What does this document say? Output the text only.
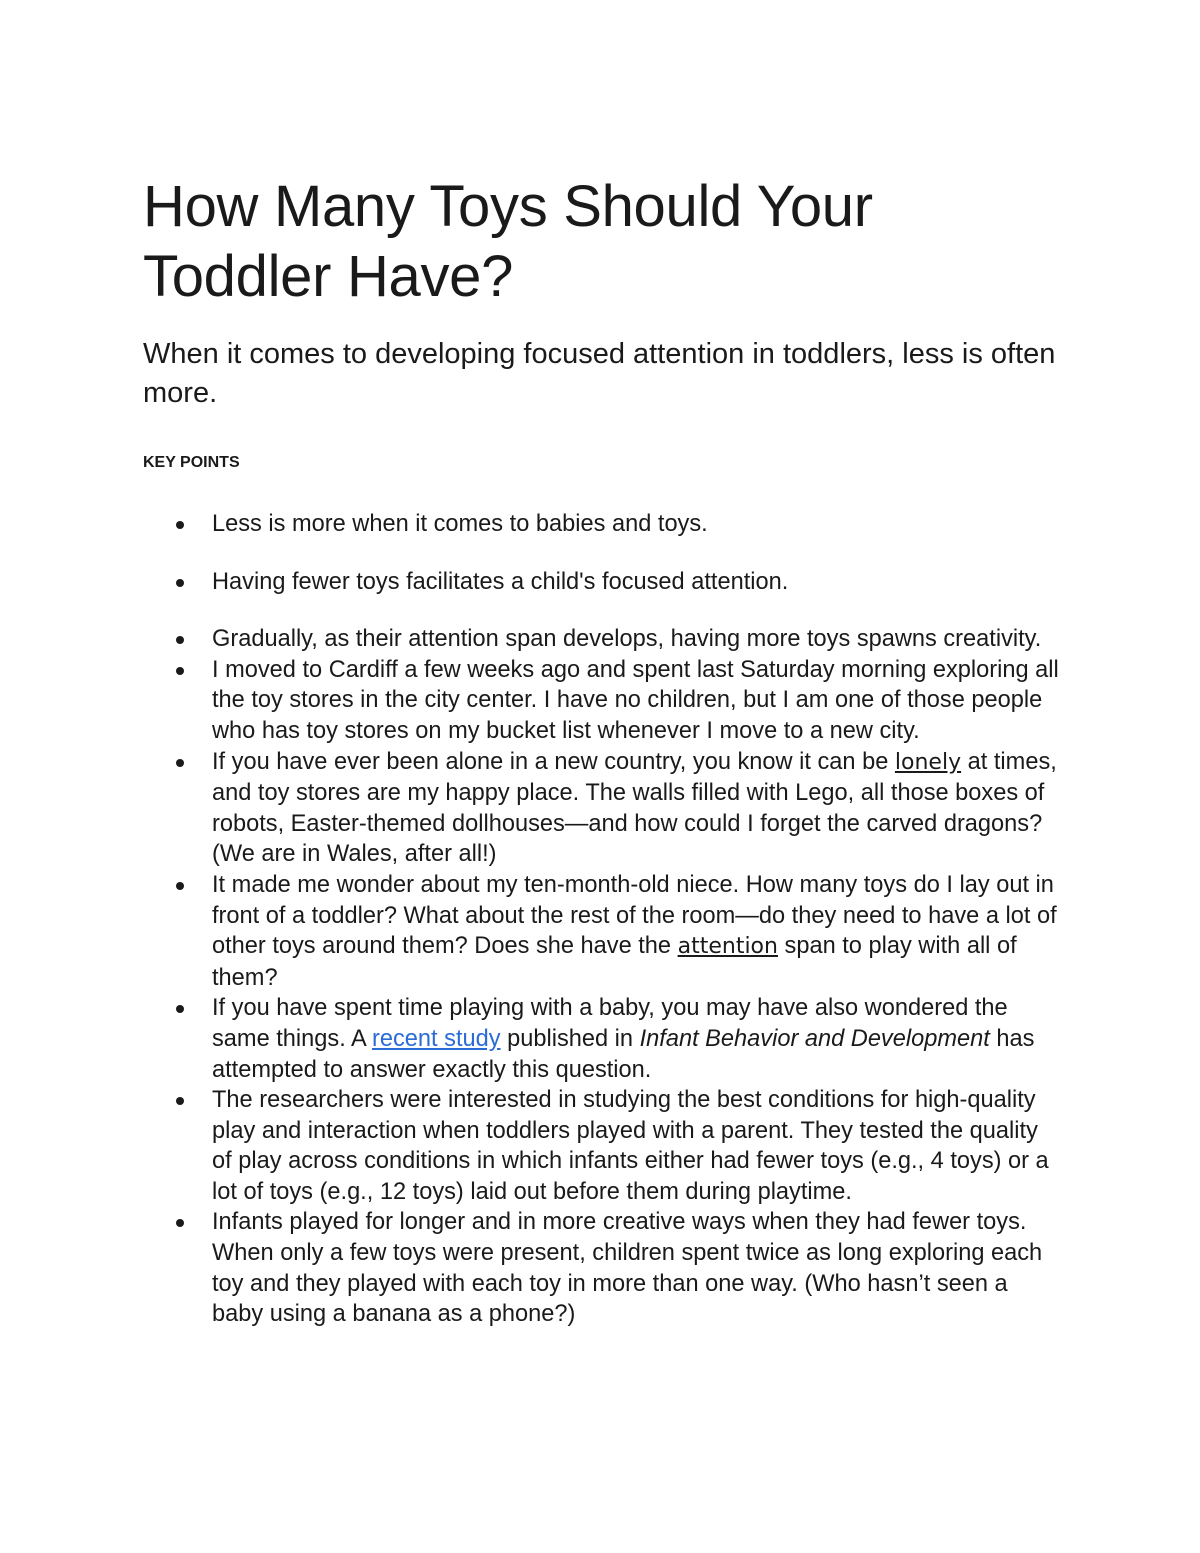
How Many Toys Should Your
Toddler Have?

When it comes to developing focused attention in toddlers, less is often more.

KEY POINTS
Less is more when it comes to babies and toys.
Having fewer toys facilitates a child's focused attention.
Gradually, as their attention span develops, having more toys spawns creativity.
I moved to Cardiff a few weeks ago and spent last Saturday morning exploring all the toy stores in the city center. I have no children, but I am one of those people who has toy stores on my bucket list whenever I move to a new city.
If you have ever been alone in a new country, you know it can be lonely at times, and toy stores are my happy place. The walls filled with Lego, all those boxes of robots, Easter-themed dollhouses—and how could I forget the carved dragons? (We are in Wales, after all!)
It made me wonder about my ten-month-old niece. How many toys do I lay out in front of a toddler? What about the rest of the room—do they need to have a lot of other toys around them? Does she have the attention span to play with all of them?
If you have spent time playing with a baby, you may have also wondered the same things. A recent study published in Infant Behavior and Development has attempted to answer exactly this question.
The researchers were interested in studying the best conditions for high-quality play and interaction when toddlers played with a parent. They tested the quality of play across conditions in which infants either had fewer toys (e.g., 4 toys) or a lot of toys (e.g., 12 toys) laid out before them during playtime.
Infants played for longer and in more creative ways when they had fewer toys. When only a few toys were present, children spent twice as long exploring each toy and they played with each toy in more than one way. (Who hasn’t seen a baby using a banana as a phone?)
